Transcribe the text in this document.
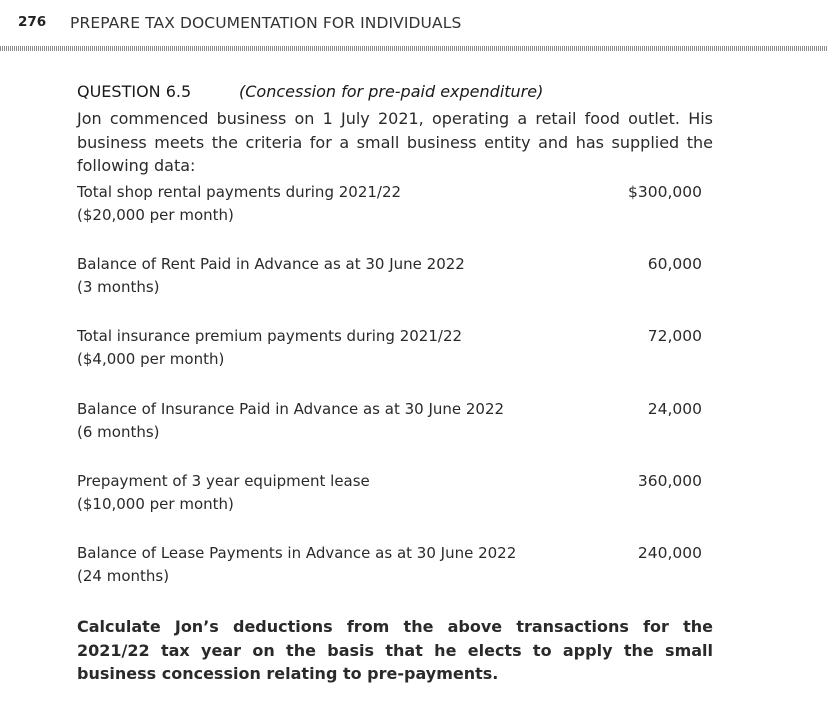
276 PREPARE TAX DOCUMENTATION FOR INDIVIDUALS
QUESTION 6.5	(Concession for pre-paid expenditure)
Jon commenced business on 1 July 2021, operating a retail food outlet. His business meets the criteria for a small business entity and has supplied the following data:
Total shop rental payments during 2021/22
($20,000 per month)
$300,000
Balance of Rent Paid in Advance as at 30 June 2022
(3 months)
60,000
Total insurance premium payments during 2021/22
($4,000 per month)
72,000
Balance of Insurance Paid in Advance as at 30 June 2022
(6 months)
24,000
Prepayment of 3 year equipment lease
($10,000 per month)
360,000
Balance of Lease Payments in Advance as at 30 June 2022
(24 months)
240,000
Calculate Jon’s deductions from the above transactions for the 2021/22 tax year on the basis that he elects to apply the small business concession relating to pre-payments.
